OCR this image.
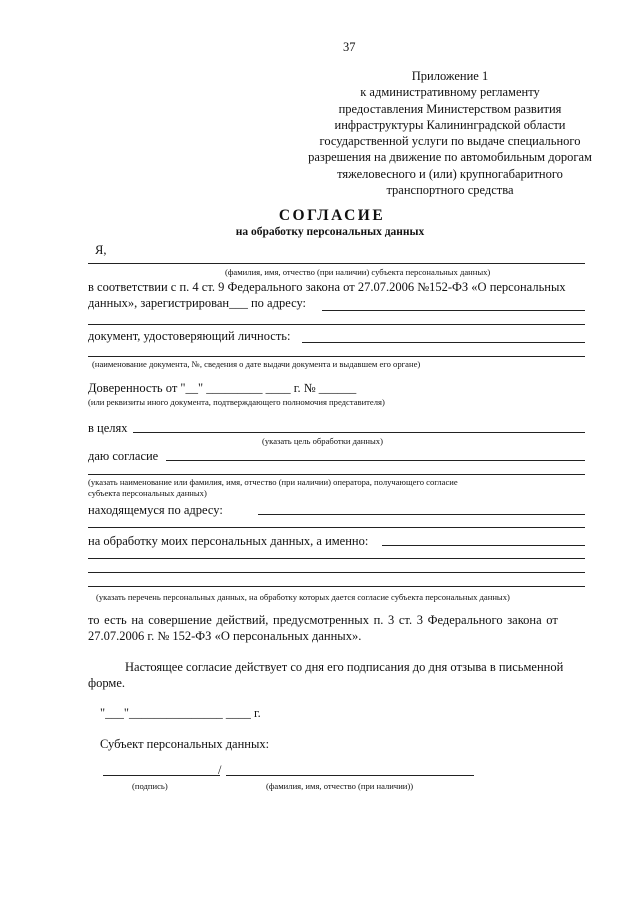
37
Приложение 1
к административному регламенту
предоставления Министерством развития
инфраструктуры Калининградской области
государственной услуги по выдаче специального
разрешения на движение по автомобильным дорогам
тяжеловесного и (или) крупногабаритного
транспортного средства
СОГЛАСИЕ
на обработку персональных данных
Я,
(фамилия, имя, отчество (при наличии) субъекта персональных данных)
в соответствии с п. 4 ст. 9 Федерального закона от 27.07.2006 №152-ФЗ «О персональных
данных», зарегистрирован___ по адресу:
документ, удостоверяющий личность:
(наименование документа, №, сведения о дате выдачи документа и выдавшем его органе)
Доверенность от "__" _________ ____ г. № ______
(или реквизиты иного документа, подтверждающего полномочия представителя)
в целях
(указать цель обработки данных)
даю согласие
(указать наименование или фамилия, имя, отчество (при наличии) оператора, получающего согласие
субъекта персональных данных)
находящемуся по адресу:
на обработку моих персональных данных, а именно:
(указать перечень персональных данных, на обработку которых дается согласие субъекта персональных данных)
то есть на совершение действий, предусмотренных п. 3 ст. 3 Федерального закона от
27.07.2006 г. № 152-ФЗ «О персональных данных».
Настоящее согласие действует со дня его подписания до дня отзыва в письменной
форме.
"___"_______________ ____ г.
Субъект персональных данных:
/
(подпись)	(фамилия, имя, отчество (при наличии))
